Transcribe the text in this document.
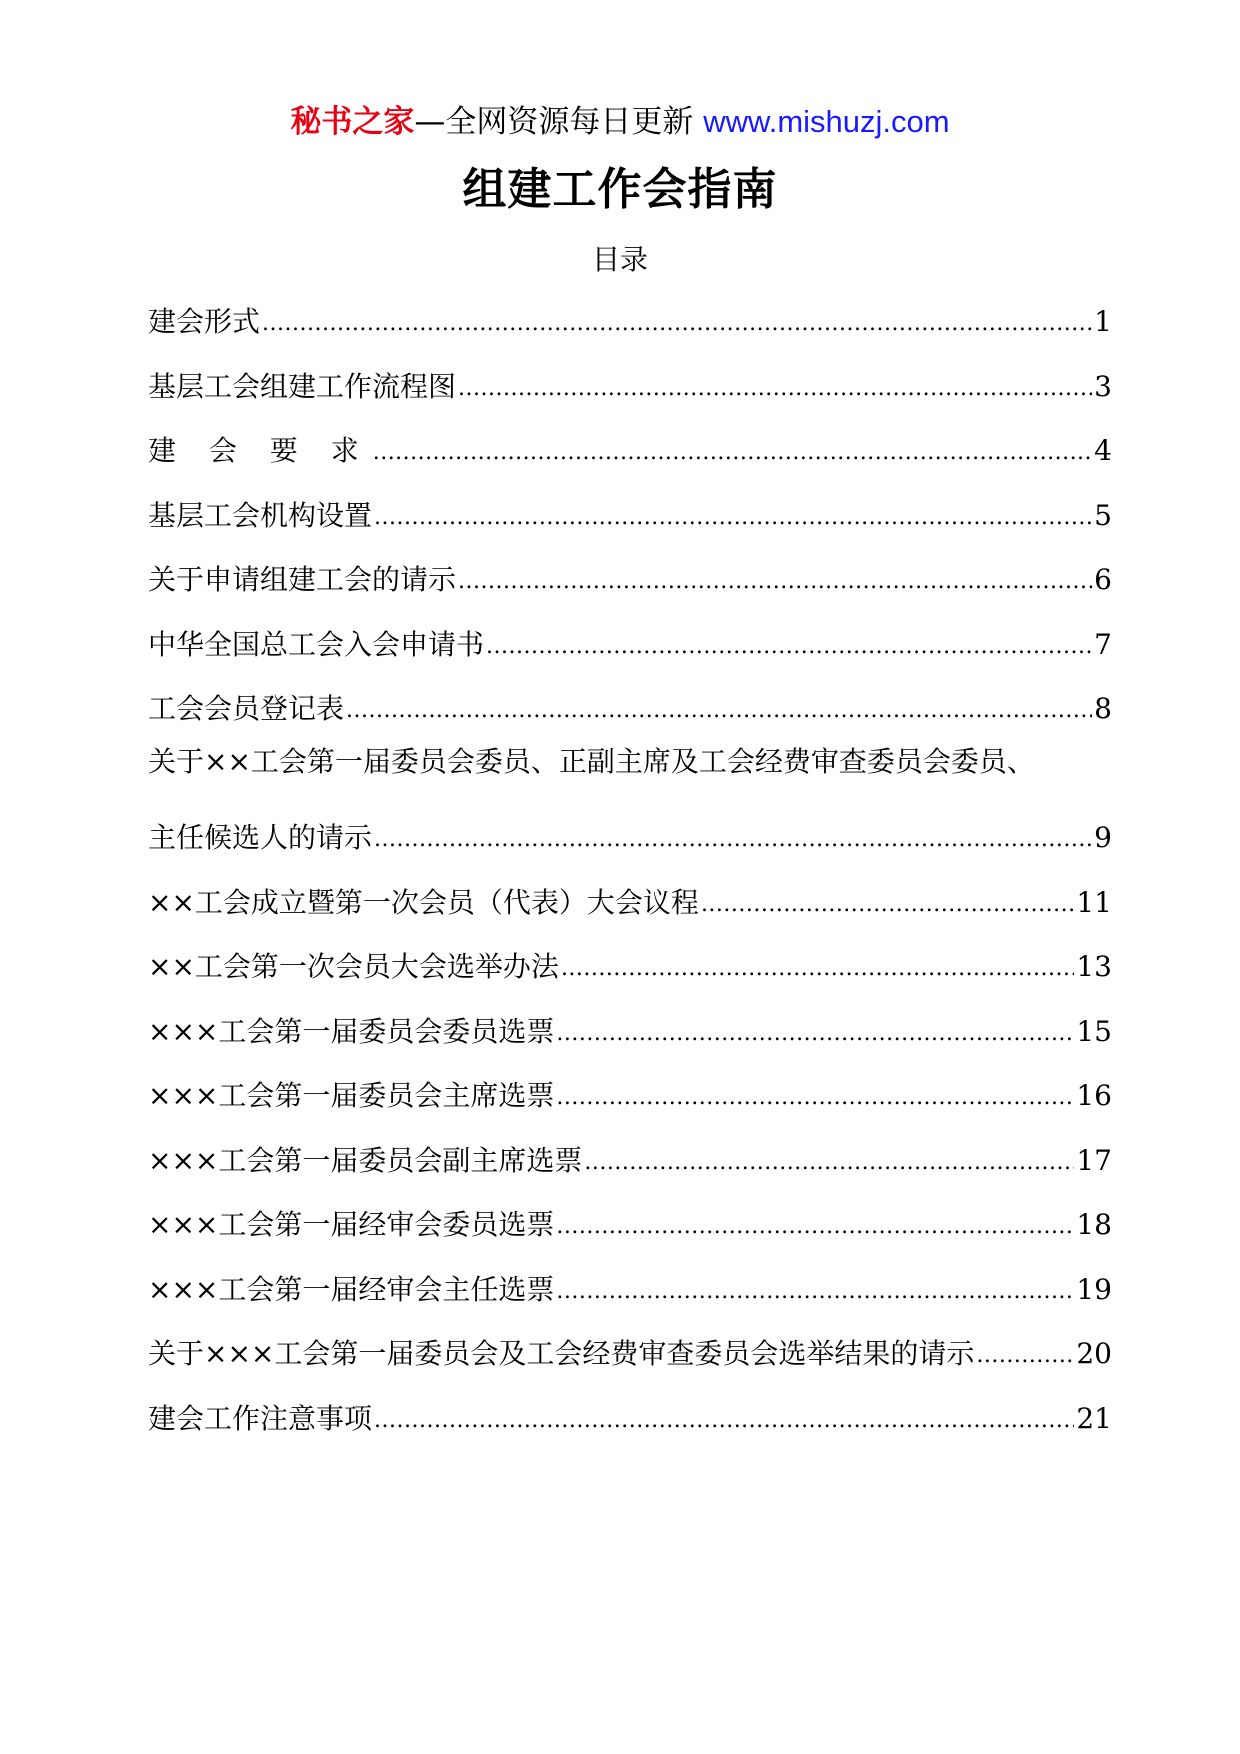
秘书之家—全网资源每日更新 www.mishuzj.com
组建工作会指南
目录
建会形式 .....	1
基层工会组建工作流程图 .....	3
建 会 要 求 .....	4
基层工会机构设置 .....	5
关于申请组建工会的请示 .....	6
中华全国总工会入会申请书 .....	7
工会会员登记表 .....	8
关于××工会第一届委员会委员、正副主席及工会经费审查委员会委员、
主任候选人的请示 .....	9
××工会成立暨第一次会员（代表）大会议程 .....	11
××工会第一次会员大会选举办法 .....	13
×××工会第一届委员会委员选票 .....	15
×××工会第一届委员会主席选票 .....	16
×××工会第一届委员会副主席选票 .....	17
×××工会第一届经审会委员选票 .....	18
×××工会第一届经审会主任选票 .....	19
关于×××工会第一届委员会及工会经费审查委员会选举结果的请示 .....	20
建会工作注意事项 .....	21
